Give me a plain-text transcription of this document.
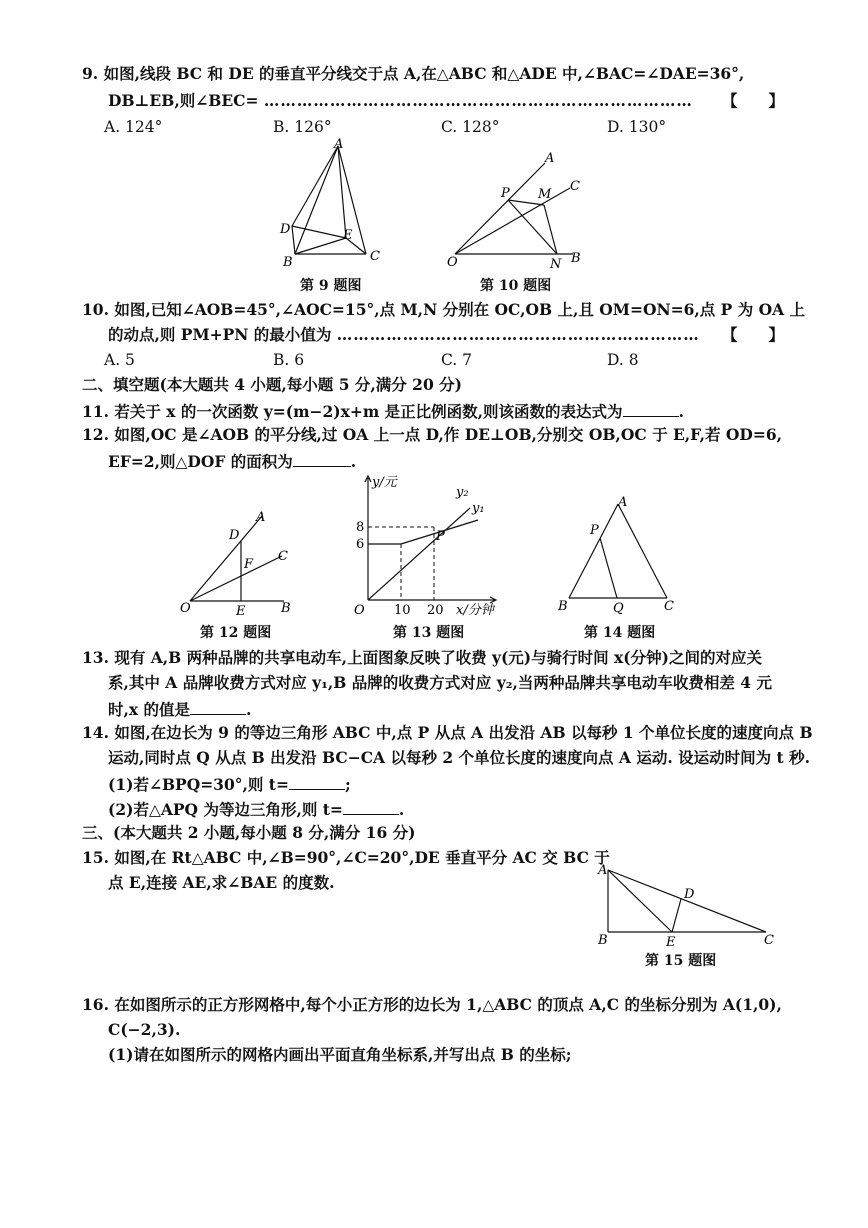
9. 如图,线段 BC 和 DE 的垂直平分线交于点 A,在△ABC 和△ADE 中,∠BAC=∠DAE=36°,
DB⊥EB,则∠BEC= …………………………………………………………………… 【　　】
A. 124°	B. 126°	C. 128°	D. 130°
A
D	E
B	C
第 9 题图
A
C
P M
O	N B
第 10 题图
10. 如图,已知∠AOB=45°,∠AOC=15°,点 M,N 分别在 OC,OB 上,且 OM=ON=6,点 P 为 OA 上
的动点,则 PM+PN 的最小值为 ………………………………………………………… 【　　】
A. 5	B. 6	C. 7	D. 8
二、填空题(本大题共 4 小题,每小题 5 分,满分 20 分)
11. 若关于 x 的一次函数 y=(m−2)x+m 是正比例函数,则该函数的表达式为	.
12. 如图,OC 是∠AOB 的平分线,过 OA 上一点 D,作 DE⊥OB,分别交 OB,OC 于 E,F,若 OD=6,
EF=2,则△DOF 的面积为	.
D
A
F
C
O	E	B
第 12 题图
y/元
y₂
y₁
P
8
6
O 10 20 x/分钟
第 13 题图
A
P
B	Q	C
第 14 题图
13. 现有 A,B 两种品牌的共享电动车,上面图象反映了收费 y(元)与骑行时间 x(分钟)之间的对应关
系,其中 A 品牌收费方式对应 y₁,B 品牌的收费方式对应 y₂,当两种品牌共享电动车收费相差 4 元
时,x 的值是	.
14. 如图,在边长为 9 的等边三角形 ABC 中,点 P 从点 A 出发沿 AB 以每秒 1 个单位长度的速度向点 B
运动,同时点 Q 从点 B 出发沿 BC−CA 以每秒 2 个单位长度的速度向点 A 运动. 设运动时间为 t 秒.
(1)若∠BPQ=30°,则 t=	;
(2)若△APQ 为等边三角形,则 t=	.
三、(本大题共 2 小题,每小题 8 分,满分 16 分)
15. 如图,在 Rt△ABC 中,∠B=90°,∠C=20°,DE 垂直平分 AC 交 BC 于
点 E,连接 AE,求∠BAE 的度数.
A
D
B	E	C
第 15 题图
16. 在如图所示的正方形网格中,每个小正方形的边长为 1,△ABC 的顶点 A,C 的坐标分别为 A(1,0),
C(−2,3).
(1)请在如图所示的网格内画出平面直角坐标系,并写出点 B 的坐标;
